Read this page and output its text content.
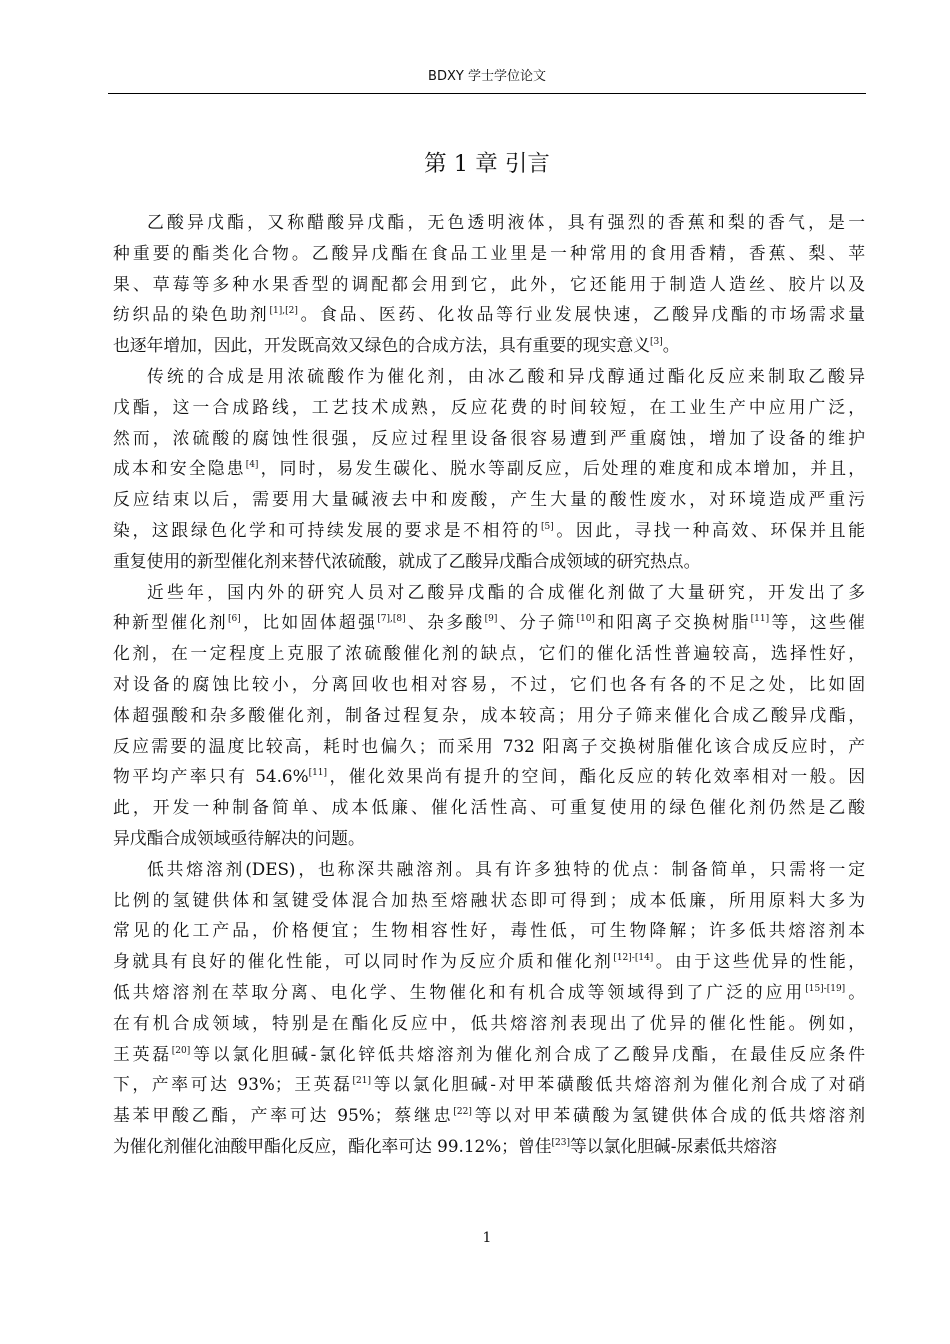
BDXY 学士学位论文
第 1 章 引言
乙酸异戊酯，又称醋酸异戊酯，无色透明液体，具有强烈的香蕉和梨的香气，是一
种重要的酯类化合物。乙酸异戊酯在食品工业里是一种常用的食用香精，香蕉、梨、苹
果、草莓等多种水果香型的调配都会用到它，此外，它还能用于制造人造丝、胶片以及
纺织品的染色助剂[1],[2]。食品、医药、化妆品等行业发展快速，乙酸异戊酯的市场需求量
也逐年增加，因此，开发既高效又绿色的合成方法，具有重要的现实意义[3]。
传统的合成是用浓硫酸作为催化剂，由冰乙酸和异戊醇通过酯化反应来制取乙酸异
戊酯，这一合成路线，工艺技术成熟，反应花费的时间较短，在工业生产中应用广泛，
然而，浓硫酸的腐蚀性很强，反应过程里设备很容易遭到严重腐蚀，增加了设备的维护
成本和安全隐患[4]，同时，易发生碳化、脱水等副反应，后处理的难度和成本增加，并且，
反应结束以后，需要用大量碱液去中和废酸，产生大量的酸性废水，对环境造成严重污
染，这跟绿色化学和可持续发展的要求是不相符的[5]。因此，寻找一种高效、环保并且能
重复使用的新型催化剂来替代浓硫酸，就成了乙酸异戊酯合成领域的研究热点。
近些年，国内外的研究人员对乙酸异戊酯的合成催化剂做了大量研究，开发出了多
种新型催化剂[6]，比如固体超强[7],[8]、杂多酸[9]、分子筛[10]和阳离子交换树脂[11]等，这些催
化剂，在一定程度上克服了浓硫酸催化剂的缺点，它们的催化活性普遍较高，选择性好，
对设备的腐蚀比较小，分离回收也相对容易，不过，它们也各有各的不足之处，比如固
体超强酸和杂多酸催化剂，制备过程复杂，成本较高；用分子筛来催化合成乙酸异戊酯，
反应需要的温度比较高，耗时也偏久；而采用 732 阳离子交换树脂催化该合成反应时，产
物平均产率只有 54.6%[11]，催化效果尚有提升的空间，酯化反应的转化效率相对一般。因
此，开发一种制备简单、成本低廉、催化活性高、可重复使用的绿色催化剂仍然是乙酸
异戊酯合成领域亟待解决的问题。
低共熔溶剂(DES)，也称深共融溶剂。具有许多独特的优点：制备简单，只需将一定
比例的氢键供体和氢键受体混合加热至熔融状态即可得到；成本低廉，所用原料大多为
常见的化工产品，价格便宜；生物相容性好，毒性低，可生物降解；许多低共熔溶剂本
身就具有良好的催化性能，可以同时作为反应介质和催化剂[12]-[14]。由于这些优异的性能，
低共熔溶剂在萃取分离、电化学、生物催化和有机合成等领域得到了广泛的应用[15]-[19]。
在有机合成领域，特别是在酯化反应中，低共熔溶剂表现出了优异的催化性能。例如，
王英磊[20]等以氯化胆碱-氯化锌低共熔溶剂为催化剂合成了乙酸异戊酯，在最佳反应条件
下，产率可达 93%；王英磊[21]等以氯化胆碱-对甲苯磺酸低共熔溶剂为催化剂合成了对硝
基苯甲酸乙酯，产率可达 95%；蔡继忠[22]等以对甲苯磺酸为氢键供体合成的低共熔溶剂
为催化剂催化油酸甲酯化反应，酯化率可达 99.12%；曾佳[23]等以氯化胆碱-尿素低共熔溶
1
